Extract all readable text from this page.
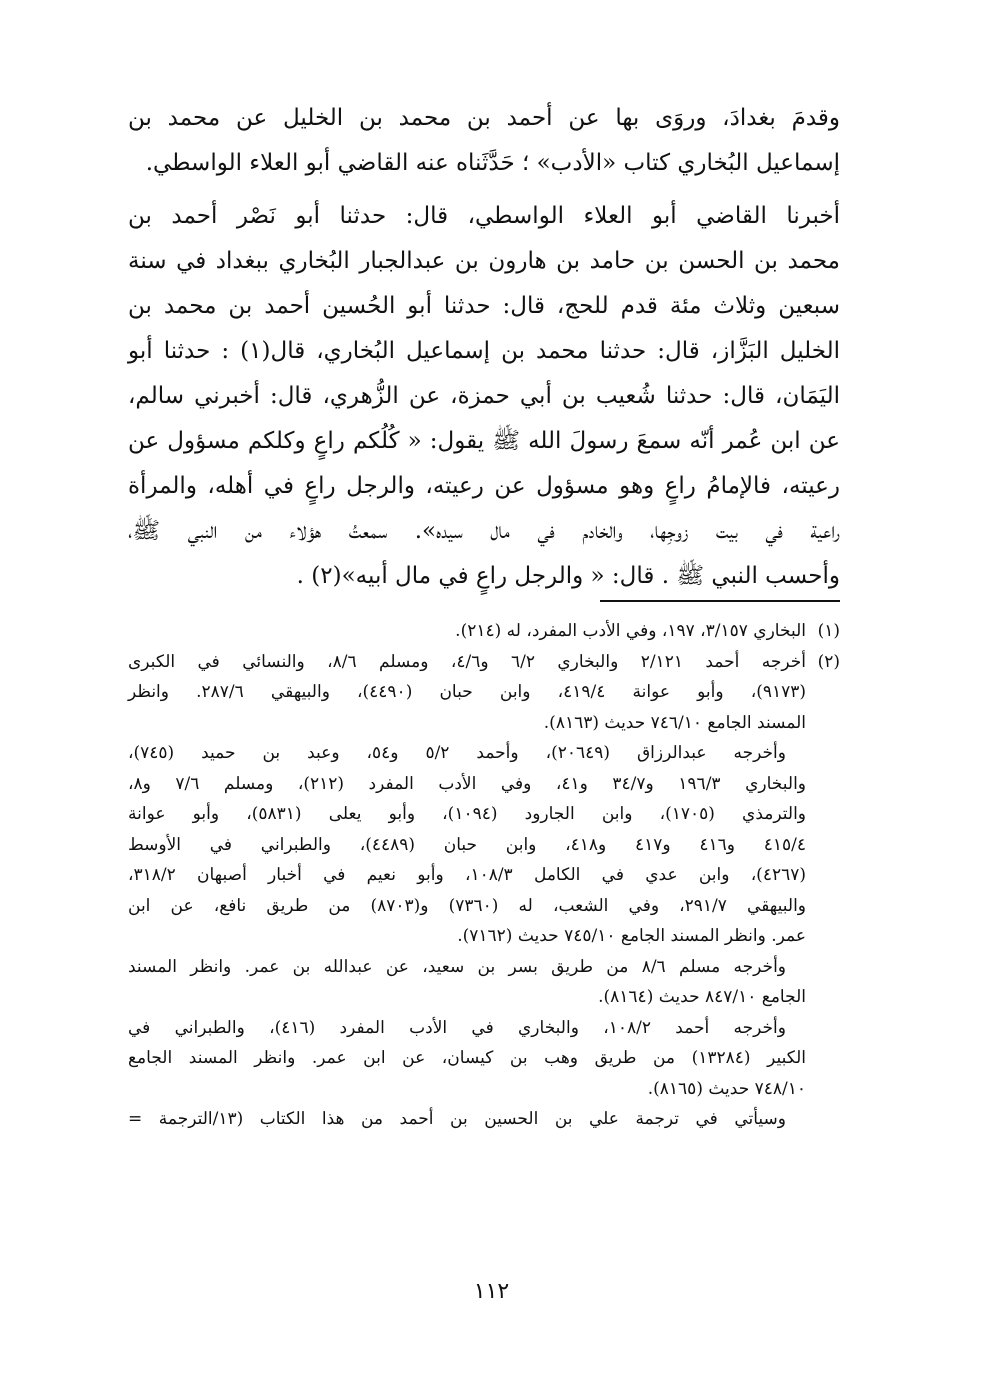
وقدمَ بغدادَ، وروَى بها عن أحمد بن محمد بن الخليل عن محمد بن
إسماعيل البُخاري كتاب «الأدب» ؛ حَدَّثَناه عنه القاضي أبو العلاء الواسطي.
أخبرنا القاضي أبو العلاء الواسطي، قال: حدثنا أبو نَصْر أحمد بن
محمد بن الحسن بن حامد بن هارون بن عبدالجبار البُخاري ببغداد في سنة
سبعين وثلاث مئة قدم للحج، قال: حدثنا أبو الحُسين أحمد بن محمد بن
الخليل البَزَّاز، قال: حدثنا محمد بن إسماعيل البُخاري، قال(١) : حدثنا أبو
اليَمَان، قال: حدثنا شُعيب بن أبي حمزة، عن الزُّهري، قال: أخبرني سالم،
عن ابن عُمر أنّه سمعَ رسولَ الله ﷺ يقول: « كُلُكم راعٍ وكلكم مسؤول عن
رعيته، فالإمامُ راعٍ وهو مسؤول عن رعيته، والرجل راعٍ في أهله، والمرأة
راعية في بيت زوجِها، والخادم في مال سيده». سمعتُ هؤلاء من النبي ﷺ،
وأحسب النبي ﷺ . قال: « والرجل راعٍ في مال أبيه»(٢) .
(١)البخاري ٣/١٥٧، ١٩٧، وفي الأدب المفرد، له (٢١٤).
(٢)أخرجه أحمد ٢/١٢١ والبخاري ٦/٢ و٤/٦، ومسلم ٨/٦، والنسائي في الكبرى
(٩١٧٣)، وأبو عوانة ٤١٩/٤، وابن حبان (٤٤٩٠)، والبيهقي ٢٨٧/٦. وانظر
المسند الجامع ٧٤٦/١٠ حديث (٨١٦٣).
وأخرجه عبدالرزاق (٢٠٦٤٩)، وأحمد ٥/٢ و٥٤، وعبد بن حميد (٧٤٥)،
والبخاري ١٩٦/٣ و٣٤/٧ و٤١، وفي الأدب المفرد (٢١٢)، ومسلم ٧/٦ و٨،
والترمذي (١٧٠٥)، وابن الجارود (١٠٩٤)، وأبو يعلى (٥٨٣١)، وأبو عوانة
٤١٥/٤ و٤١٦ و٤١٧ و٤١٨، وابن حبان (٤٤٨٩)، والطبراني في الأوسط
(٤٢٦٧)، وابن عدي في الكامل ١٠٨/٣، وأبو نعيم في أخبار أصبهان ٣١٨/٢،
والبيهقي ٢٩١/٧، وفي الشعب، له (٧٣٦٠) و(٨٧٠٣) من طريق نافع، عن ابن
عمر. وانظر المسند الجامع ٧٤٥/١٠ حديث (٧١٦٢).
وأخرجه مسلم ٨/٦ من طريق بسر بن سعيد، عن عبدالله بن عمر. وانظر المسند
الجامع ٨٤٧/١٠ حديث (٨١٦٤).
وأخرجه أحمد ١٠٨/٢، والبخاري في الأدب المفرد (٤١٦)، والطبراني في
الكبير (١٣٢٨٤) من طريق وهب بن كيسان، عن ابن عمر. وانظر المسند الجامع
٧٤٨/١٠ حديث (٨١٦٥).
وسيأتي في ترجمة علي بن الحسين بن أحمد من هذا الكتاب (١٣/الترجمة =
١١٢
